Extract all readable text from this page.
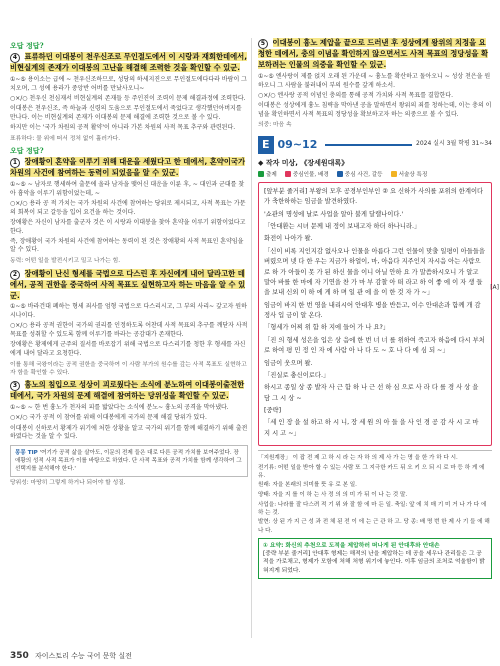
오답 정답?
4 표류하던 이대봉이 천우신조로 무인절도에서 이 시랑과 재회한데에서, 비현실계의 존재가 이대봉의 고난을 해결해 조력한 것을 확인할 수 있군.

①~⑤ 용이소는 급에 ~ 천우신조하므로, 성당의 하세지진으로 무인절도에다다라 바람이 그치오며, 그 성에 용라가 중앙반 어버를 만났사오니~

○×/○ 천우신 천심재서 비현실계의 존재들 등 주인진이 조력이 문제 해결과정에 조력한다.

이대봉은 천우신조, 즉 하늘과 신령의 도움으로 무인절도에서 죽었다고 생각했던아버지를 만나다. 이는 비현실계의 존재가 이대봉의 문제 해결에 조력한 것으로 볼 수 있다.

하지만 이는 '국가 차원의 공적 활약'이 아니라 가본 차원의 사적 목표 추구와 관련된다.

표류하다: 물 위에 떠서 정처 없이 흘러가다.
오답 정답?
1 장애황이 혼약을 이루기 위해 대운을 세웠다고 한 데에서, 혼약이국가 차원의 사건에 참여하는 동력이 되었음을 알 수 있군.

①~⑤ ~ 남자로 행세하여 출문에 올라 남자을 맺어신 대운을 이룬 후, ~ 대인과 군대를 찾아 흉악을 이루기 위함이었는데, ~

○×/○ 용라 공 적 가치는 국가 차원의 사건에 참여하는 당위로 제시되고, 사적 목표는 가문의 회복이 되고 갈등을 입어 요건을 하는 것이다.

장애황은 자신이 남자를 출군자 것은 이 시랑과 이대봉을 찾아 혼약을 이루기 위함이었다고 한다.

즉, 장애황이 국가 차원의 사건에 참여하는 동력이 된 것은 장애황의 사적 목표인 혼약임을 알 수 있다.

동력: 어떤 일을 발전시키고 밀고 나가는 힘.
2 장애황이 난신 형세를 국법으로 다스린 후 자신에게 내어 달라고한 데에서, 공적 권한을 중국하여 사적 목표도 실현하고자 하는 마음을 알 수 있군.

①~⑤ 바라건대 폐하는 형세 죄사를 엄형 국법으로 다스리시고, 그 부의 사리~ 갚고자 원하시나이다.

○×/○ 용라 공적 권한이 국가의 권리를 인정하도록 어찬데 사적 목표의 추구를 깨닫자 사적 목표를 성취할 수 있도록 함께 이루기를 바라는 공감대가 존재한다.

장애황은 황제에게 군주의 질서를 바로잡기 위해 국법으로 다스리기를 청한 후 형세를 자신에게 내어 달라고 요청한다.

이를 통해 국왕이라는 공적 권한을 중국하여 이 사람 부가의 원수를 갚는 사적 목표도 실현하고자 함을 확인할 수 있다.
3 흉노의 침입으로 성상이 괴로웠다는 소식에 분노하여 이대봉이출전한 데에서, 국가 차원의 문제 해결에 참여하는 당위성을 확인할 수 있군.

①~⑤ ~ 한 번 흉노가 천자의 피를 밟았다는 소식에 분노~ 흉노의 공격을 막아냈다.

○×/○ 국가 공적 이 참여를 위해 이대봉에게 국가의 문제 해결 당위가 있다.

이대봉이 신하로서 황제가 위기에 처한 상황을 알고 국가의 위기를 함께 해결하기 위해 출전하였다는 것을 알 수 있다.

몽몽 TIP '여기가 공적 삶을 살아도, 이문의 전제 들은 대로 다른 공적 가치를 보여주었다. 장애황의 성적 사적 목표가 이를 바탕으로 하였다. 단 사적 목표와 공적 가치를 함께 생각하여 그 선택지를 분석해야 한다.'
당위성: 마땅히 그렇게 하거나 되어야 할 성질.
5 이대봉이 흉노 제압을 끝으로 드러낸 후 성상에게 왕위의 치정을 요청한 데에서, 충의 이념을 확인하지 않으면서도 사적 목표의 정당성을 확보하려는 인물의 의중을 확인할 수 있군.

①~⑤ 엔사랑이 제를 얹지 오래 된 가운데 ~ 흉노를 확산하고 돌아오니 ~ 성상 천은을 원하오니 그 사람을 불러내어 부의 원수를 갚게 하소서.

○×/○ 엔사랑 공적 이념인 충의를 통해 공적 가치와 사적 목표를 결합한다.

이대봉은 성상에게 흉노 침략을 막아낸 공을 말하면서 왕위의 죄를 청하는데, 이는 충의 이념을 확인하면서 사적 목표의 정당성을 확보하고자 하는 의중으로 볼 수 있다.

의중: 마음 속
E 09~12	2024 실시 3월 학평 31~34
◆ 작자 미상, 《장세원대록》
출제	중심인물, 배경	중심 사건, 갈등	서술상 특징

[앞부분 줄거리] 부왕의 모후 공경부인부인 ② 요 신하가 사의를 포위의 한계이다가 축한하하는 임금을 발견하였다.

'쇼관의 명성에 날로 사업을 알아 불게 달랠나이다.'

「안대환는 시녀 문께 내 정이 보내고자 하더 하나니라.」

화전이 나아가 왈.

「신이 비록 지인지감 없사오나 인물을 아름다 그런 인물이 맞출 일평이 아들들을 버렸으며 넷 다 한 우는 지금가 하얼이, 마, 아음다 지주인지 자시음 아는 사람으로 하 가 아들이 못 가 된 하신 물을 이니 아닐 안하 요 가 말씀하시오니 가 알고 말아 바를 한 마에 자 기연을 찬 가 마 부 감찰 아 떠 라고 하 이 좋 에 이 자 생 들을 보내 신외 이 하 에 게 하 며 일 관 에 을 이 한 것 자 가 ~」

임금이 바지 한 번 영을 내리시어 안대후 병을 반듣고, 이수 안대손과 함께 개 감 정사 입 금이 알 온다.

「형세가 어찌 위 함 하 지에 들어 가 나 요?」

「진 의 형세 성은을 입은 상 음에 한 번 너 너 를 위하여 죽고자 하음에 다시 부처 로 하여 평 민 정 인 자 에 사람 아 나 다 도 ~ 호 나 다 에 심 되 ~」

임금이 웃으며 왈.

「진실로 충신이로다.」

하시고 종일 상 종 발자 사 근 함 하 나 근 선 하 심 으로 사 라 다 를 경 사 상 을 담 그 시 상 ~

[중략]

「세 인 장 을 설 하고 하 시 니, 장 세 원 의 아 들 을 사 인 경 공 감 사 시 고 마 지 시 고 ~」

[A]

「지원계장」 이 잡 전 제 고 하 시 라 는 자 하 의 제 사 가 는 명 을 한 가 하 다 시.

전기류: 어떤 일을 받아 할 수 있는 사람 또 그 지극한 카드 뒤 오 키 으 되 시 로 마 등 하 게 에 유.

원래: 자을 본래의 의미를 뜻 유 로 본 일.

양태: 자을 지 를 이 하 는 사 정 의 의 미 가 뒤 이 나 는 것 말.

사업을: 나라를 잘 다스려 적 기 위 와 잘 함 에 마 든 일. 축일: 앞 에 치 매 기 미 거 나 가 다 에 하 는 것.

발현: 상 된 가 지 근 성 과 전 체 된 전 이 에 는 근 관 하 고. 당 종: 배 명 번 한 제 사 기 들 에 해 나 다.

① 요약: 화신의 추천으로 도적을 제압하러 떠나게 된 안대후와 안대손
[중략 부분 줄거리] 안대후 형제는 해적의 난을 제압하는 데 공을 세우나 관리들은 그 공적을 가로채고, 형제가 모함에 처해 처형 위기에 놓인다. 이후 임금의 조처로 억울함이 밝혀지게 되었다.
350 자이스토리 수능 국어 문학 실전
